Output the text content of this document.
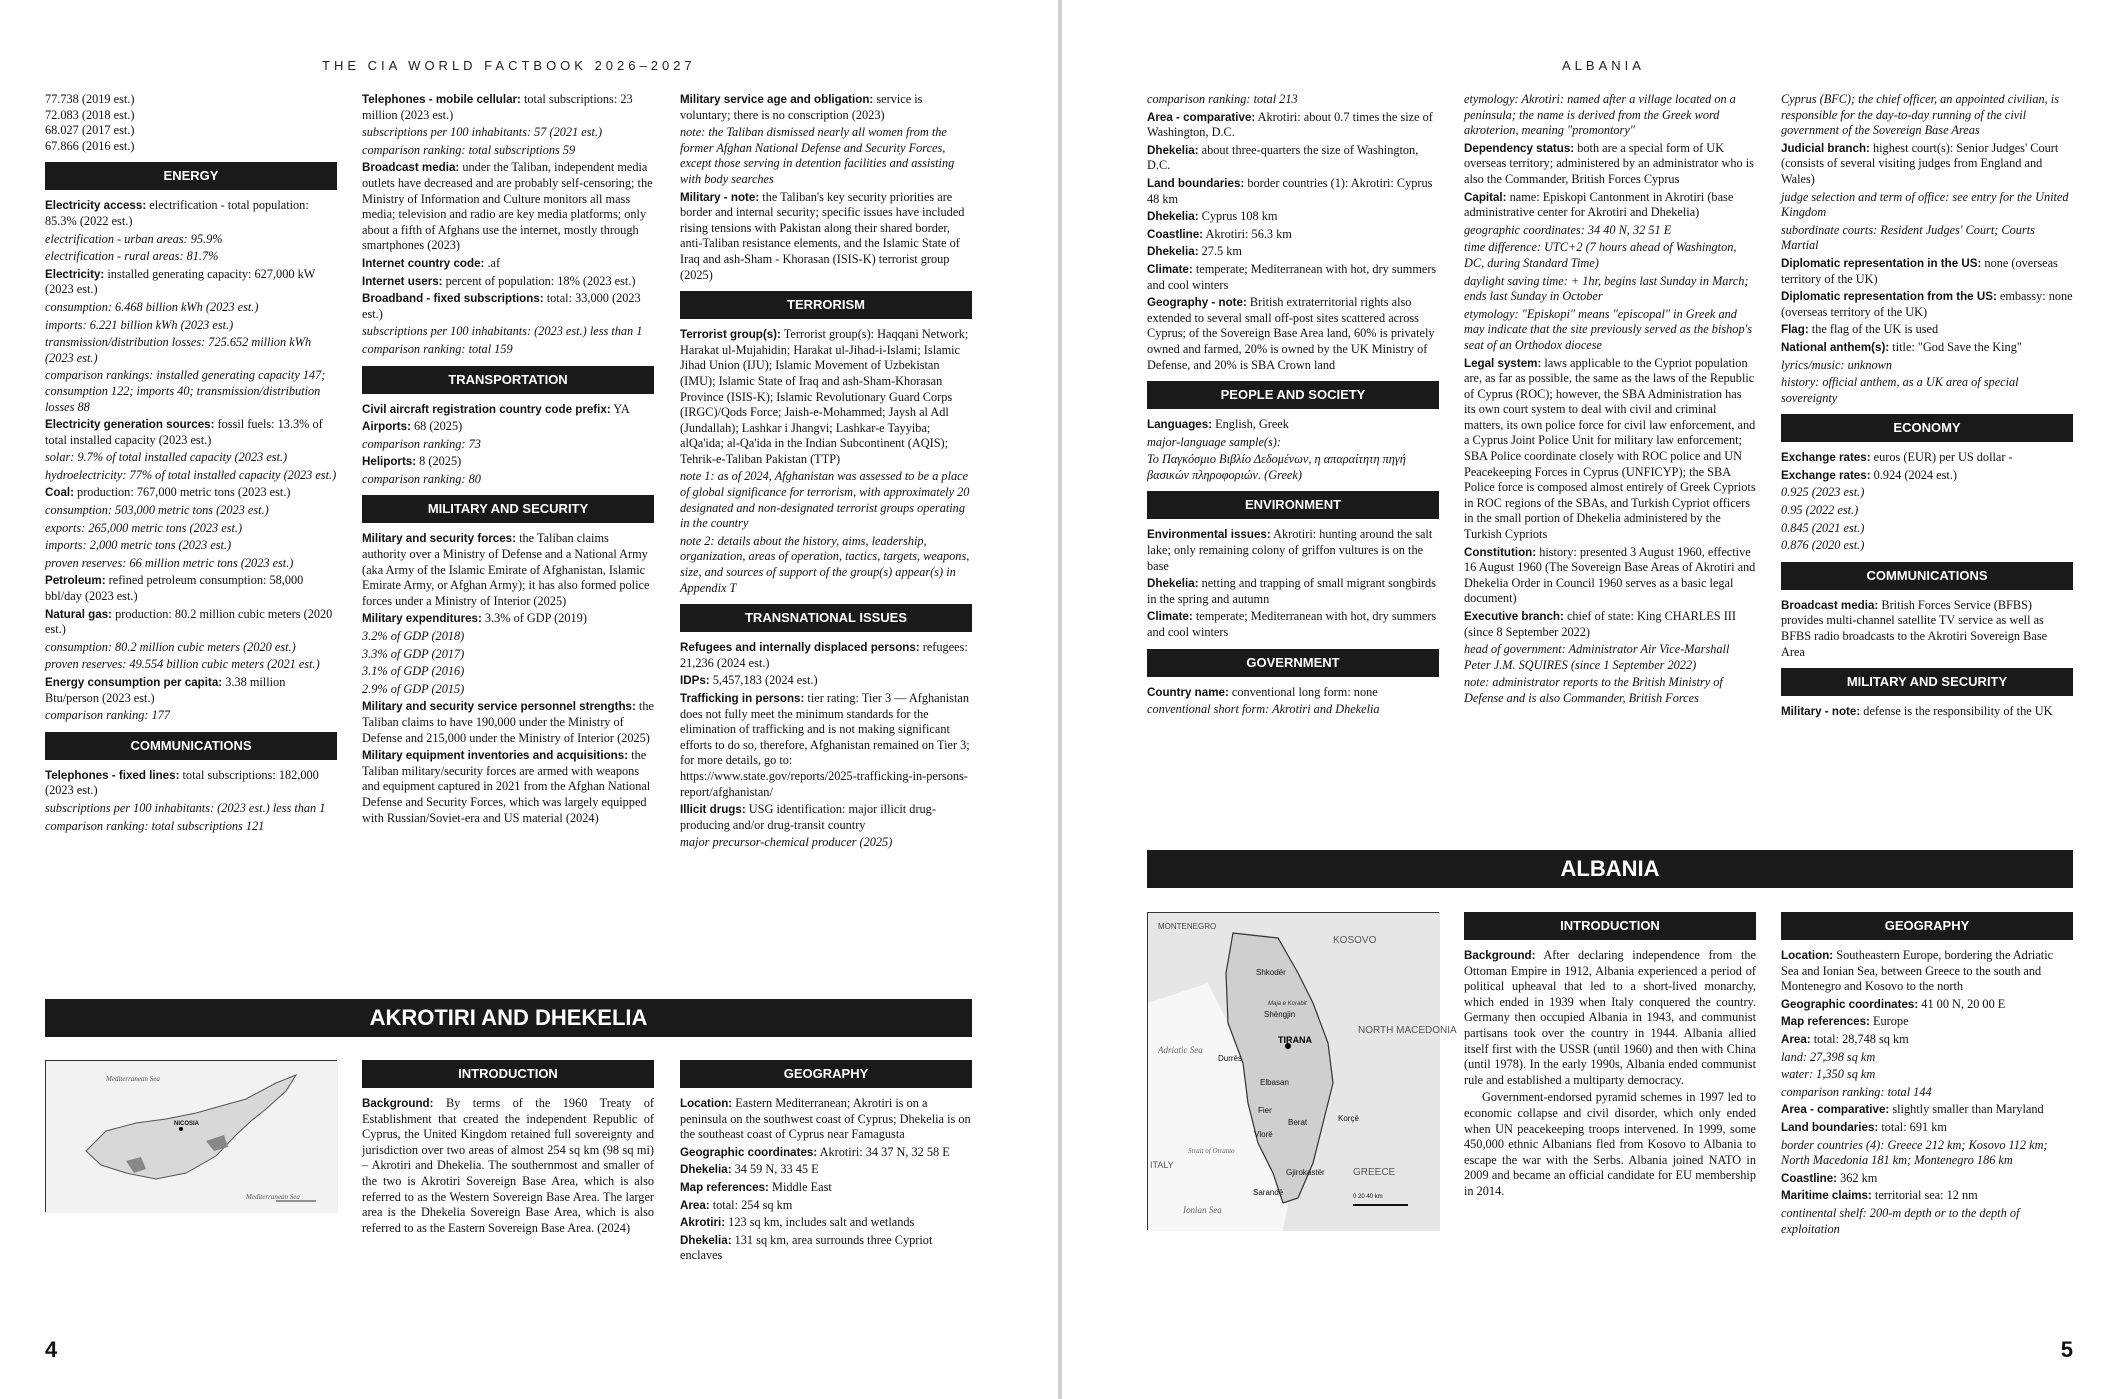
THE CIA WORLD FACTBOOK 2026–2027
77.738 (2019 est.)
72.083 (2018 est.)
68.027 (2017 est.)
67.866 (2016 est.)
ENERGY

Electricity access: electrification - total population: 85.3% (2022 est.)

electrification - urban areas: 95.9%

electrification - rural areas: 81.7%

Electricity: installed generating capacity: 627,000 kW (2023 est.)

consumption: 6.468 billion kWh (2023 est.)

imports: 6.221 billion kWh (2023 est.)

transmission/distribution losses: 725.652 million kWh (2023 est.)

comparison rankings: installed generating capacity 147; consumption 122; imports 40; transmission/distribution losses 88

Electricity generation sources: fossil fuels: 13.3% of total installed capacity (2023 est.)

solar: 9.7% of total installed capacity (2023 est.)

hydroelectricity: 77% of total installed capacity (2023 est.)

Coal: production: 767,000 metric tons (2023 est.)

consumption: 503,000 metric tons (2023 est.)

exports: 265,000 metric tons (2023 est.)

imports: 2,000 metric tons (2023 est.)

proven reserves: 66 million metric tons (2023 est.)

Petroleum: refined petroleum consumption: 58,000 bbl/day (2023 est.)

Natural gas: production: 80.2 million cubic meters (2020 est.)

consumption: 80.2 million cubic meters (2020 est.)

proven reserves: 49.554 billion cubic meters (2021 est.)

Energy consumption per capita: 3.38 million Btu/person (2023 est.)

comparison ranking: 177

COMMUNICATIONS

Telephones - fixed lines: total subscriptions: 182,000 (2023 est.)

subscriptions per 100 inhabitants: (2023 est.) less than 1

comparison ranking: total subscriptions 121

Telephones - mobile cellular: total subscriptions: 23 million (2023 est.)

subscriptions per 100 inhabitants: 57 (2021 est.)

comparison ranking: total subscriptions 59

Broadcast media: under the Taliban, independent media outlets have decreased and are probably self-censoring; the Ministry of Information and Culture monitors all mass media; television and radio are key media platforms; only about a fifth of Afghans use the internet, mostly through smartphones (2023)

Internet country code: .af

Internet users: percent of population: 18% (2023 est.)

Broadband - fixed subscriptions: total: 33,000 (2023 est.)

subscriptions per 100 inhabitants: (2023 est.) less than 1

comparison ranking: total 159

TRANSPORTATION

Civil aircraft registration country code prefix: YA

Airports: 68 (2025)

comparison ranking: 73

Heliports: 8 (2025)

comparison ranking: 80

MILITARY AND SECURITY

Military and security forces: the Taliban claims authority over a Ministry of Defense and a National Army (aka Army of the Islamic Emirate of Afghanistan, Islamic Emirate Army, or Afghan Army); it has also formed police forces under a Ministry of Interior (2025)

Military expenditures: 3.3% of GDP (2019)

3.2% of GDP (2018)

3.3% of GDP (2017)

3.1% of GDP (2016)

2.9% of GDP (2015)

Military and security service personnel strengths: the Taliban claims to have 190,000 under the Ministry of Defense and 215,000 under the Ministry of Interior (2025)

Military equipment inventories and acquisitions: the Taliban military/security forces are armed with weapons and equipment captured in 2021 from the Afghan National Defense and Security Forces, which was largely equipped with Russian/Soviet-era and US material (2024)

Military service age and obligation: service is voluntary; there is no conscription (2023)

note: the Taliban dismissed nearly all women from the former Afghan National Defense and Security Forces, except those serving in detention facilities and assisting with body searches

Military - note: the Taliban's key security priorities are border and internal security; specific issues have included rising tensions with Pakistan along their shared border, anti-Taliban resistance elements, and the Islamic State of Iraq and ash-Sham - Khorasan (ISIS-K) terrorist group (2025)

TERRORISM

Terrorist group(s): Terrorist group(s): Haqqani Network; Harakat ul-Mujahidin; Harakat ul-Jihad-i-Islami; Islamic Jihad Union (IJU); Islamic Movement of Uzbekistan (IMU); Islamic State of Iraq and ash-Sham-Khorasan Province (ISIS-K); Islamic Revolutionary Guard Corps (IRGC)/Qods Force; Jaish-e-Mohammed; Jaysh al Adl (Jundallah); Lashkar i Jhangvi; Lashkar-e Tayyiba; alQa'ida; al-Qa'ida in the Indian Subcontinent (AQIS); Tehrik-e-Taliban Pakistan (TTP)

note 1: as of 2024, Afghanistan was assessed to be a place of global significance for terrorism, with approximately 20 designated and non-designated terrorist groups operating in the country

note 2: details about the history, aims, leadership, organization, areas of operation, tactics, targets, weapons, size, and sources of support of the group(s) appear(s) in Appendix T

TRANSNATIONAL ISSUES

Refugees and internally displaced persons: refugees: 21,236 (2024 est.)

IDPs: 5,457,183 (2024 est.)

Trafficking in persons: tier rating: Tier 3 — Afghanistan does not fully meet the minimum standards for the elimination of trafficking and is not making significant efforts to do so, therefore, Afghanistan remained on Tier 3; for more details, go to: https://www.state.gov/reports/2025-trafficking-in-persons-report/afghanistan/

Illicit drugs: USG identification: major illicit drug-producing and/or drug-transit country

major precursor-chemical producer (2025)

AKROTIRI AND DHEKELIA
Mediterranean Sea
Mediterranean Sea
NICOSIA
INTRODUCTION

Background: By terms of the 1960 Treaty of Establishment that created the independent Republic of Cyprus, the United Kingdom retained full sovereignty and jurisdiction over two areas of almost 254 sq km (98 sq mi) – Akrotiri and Dhekelia. The southernmost and smaller of the two is Akrotiri Sovereign Base Area, which is also referred to as the Western Sovereign Base Area. The larger area is the Dhekelia Sovereign Base Area, which is also referred to as the Eastern Sovereign Base Area. (2024)

GEOGRAPHY

Location: Eastern Mediterranean; Akrotiri is on a peninsula on the southwest coast of Cyprus; Dhekelia is on the southeast coast of Cyprus near Famagusta

Geographic coordinates: Akrotiri: 34 37 N, 32 58 E

Dhekelia: 34 59 N, 33 45 E

Map references: Middle East

Area: total: 254 sq km

Akrotiri: 123 sq km, includes salt and wetlands

Dhekelia: 131 sq km, area surrounds three Cypriot enclaves

4
ALBANIA

comparison ranking: total 213

Area - comparative: Akrotiri: about 0.7 times the size of Washington, D.C.

Dhekelia: about three-quarters the size of Washington, D.C.

Land boundaries: border countries (1): Akrotiri: Cyprus 48 km

Dhekelia: Cyprus 108 km

Coastline: Akrotiri: 56.3 km

Dhekelia: 27.5 km

Climate: temperate; Mediterranean with hot, dry summers and cool winters

Geography - note: British extraterritorial rights also extended to several small off-post sites scattered across Cyprus; of the Sovereign Base Area land, 60% is privately owned and farmed, 20% is owned by the UK Ministry of Defense, and 20% is SBA Crown land

PEOPLE AND SOCIETY

Languages: English, Greek

major-language sample(s):

Το Παγκόσμιο Βιβλίο Δεδομένων, η απαραίτητη πηγή βασικών πληροφοριών. (Greek)

ENVIRONMENT

Environmental issues: Akrotiri: hunting around the salt lake; only remaining colony of griffon vultures is on the base

Dhekelia: netting and trapping of small migrant songbirds in the spring and autumn

Climate: temperate; Mediterranean with hot, dry summers and cool winters

GOVERNMENT

Country name: conventional long form: none

conventional short form: Akrotiri and Dhekelia

etymology: Akrotiri: named after a village located on a peninsula; the name is derived from the Greek word akroterion, meaning "promontory"

Dependency status: both are a special form of UK overseas territory; administered by an administrator who is also the Commander, British Forces Cyprus

Capital: name: Episkopi Cantonment in Akrotiri (base administrative center for Akrotiri and Dhekelia)

geographic coordinates: 34 40 N, 32 51 E

time difference: UTC+2 (7 hours ahead of Washington, DC, during Standard Time)

daylight saving time: + 1hr, begins last Sunday in March; ends last Sunday in October

etymology: "Episkopi" means "episcopal" in Greek and may indicate that the site previously served as the bishop's seat of an Orthodox diocese

Legal system: laws applicable to the Cypriot population are, as far as possible, the same as the laws of the Republic of Cyprus (ROC); however, the SBA Administration has its own court system to deal with civil and criminal matters, its own police force for civil law enforcement, and a Cyprus Joint Police Unit for military law enforcement; SBA Police coordinate closely with ROC police and UN Peacekeeping Forces in Cyprus (UNFICYP); the SBA Police force is composed almost entirely of Greek Cypriots in ROC regions of the SBAs, and Turkish Cypriot officers in the small portion of Dhekelia administered by the Turkish Cypriots

Constitution: history: presented 3 August 1960, effective 16 August 1960 (The Sovereign Base Areas of Akrotiri and Dhekelia Order in Council 1960 serves as a basic legal document)

Executive branch: chief of state: King CHARLES III (since 8 September 2022)

head of government: Administrator Air Vice-Marshall Peter J.M. SQUIRES (since 1 September 2022)

note: administrator reports to the British Ministry of Defense and is also Commander, British Forces

Cyprus (BFC); the chief officer, an appointed civilian, is responsible for the day-to-day running of the civil government of the Sovereign Base Areas

Judicial branch: highest court(s): Senior Judges' Court (consists of several visiting judges from England and Wales)

judge selection and term of office: see entry for the United Kingdom

subordinate courts: Resident Judges' Court; Courts Martial

Diplomatic representation in the US: none (overseas territory of the UK)

Diplomatic representation from the US: embassy: none (overseas territory of the UK)

Flag: the flag of the UK is used

National anthem(s): title: "God Save the King"

lyrics/music: unknown

history: official anthem, as a UK area of special sovereignty

ECONOMY

Exchange rates: euros (EUR) per US dollar -

Exchange rates: 0.924 (2024 est.)

0.925 (2023 est.)

0.95 (2022 est.)

0.845 (2021 est.)

0.876 (2020 est.)

COMMUNICATIONS

Broadcast media: British Forces Service (BFBS) provides multi-channel satellite TV service as well as BFBS radio broadcasts to the Akrotiri Sovereign Base Area

MILITARY AND SECURITY

Military - note: defense is the responsibility of the UK

ALBANIA
MONTENEGRO
KOSOVO
Shkodër
Maja e Korabit
Shëngjin
NORTH MACEDONIA
Adriatic Sea
TIRANA
Durrës
Elbasan
Fier
Berat	Korçë
Vlorë
Strait of Otranto
ITALY
Gjirokastër	GREECE
Sarandë
Ionian Sea
0 20 40 km
INTRODUCTION

Background: After declaring independence from the Ottoman Empire in 1912, Albania experienced a period of political upheaval that led to a short-lived monarchy, which ended in 1939 when Italy conquered the country. Germany then occupied Albania in 1943, and communist partisans took over the country in 1944. Albania allied itself first with the USSR (until 1960) and then with China (until 1978). In the early 1990s, Albania ended communist rule and established a multiparty democracy.

Government-endorsed pyramid schemes in 1997 led to economic collapse and civil disorder, which only ended when UN peacekeeping troops intervened. In 1999, some 450,000 ethnic Albanians fled from Kosovo to Albania to escape the war with the Serbs. Albania joined NATO in 2009 and became an official candidate for EU membership in 2014.

GEOGRAPHY

Location: Southeastern Europe, bordering the Adriatic Sea and Ionian Sea, between Greece to the south and Montenegro and Kosovo to the north

Geographic coordinates: 41 00 N, 20 00 E

Map references: Europe

Area: total: 28,748 sq km

land: 27,398 sq km

water: 1,350 sq km

comparison ranking: total 144

Area - comparative: slightly smaller than Maryland

Land boundaries: total: 691 km

border countries (4): Greece 212 km; Kosovo 112 km; North Macedonia 181 km; Montenegro 186 km

Coastline: 362 km

Maritime claims: territorial sea: 12 nm

continental shelf: 200-m depth or to the depth of exploitation

5
